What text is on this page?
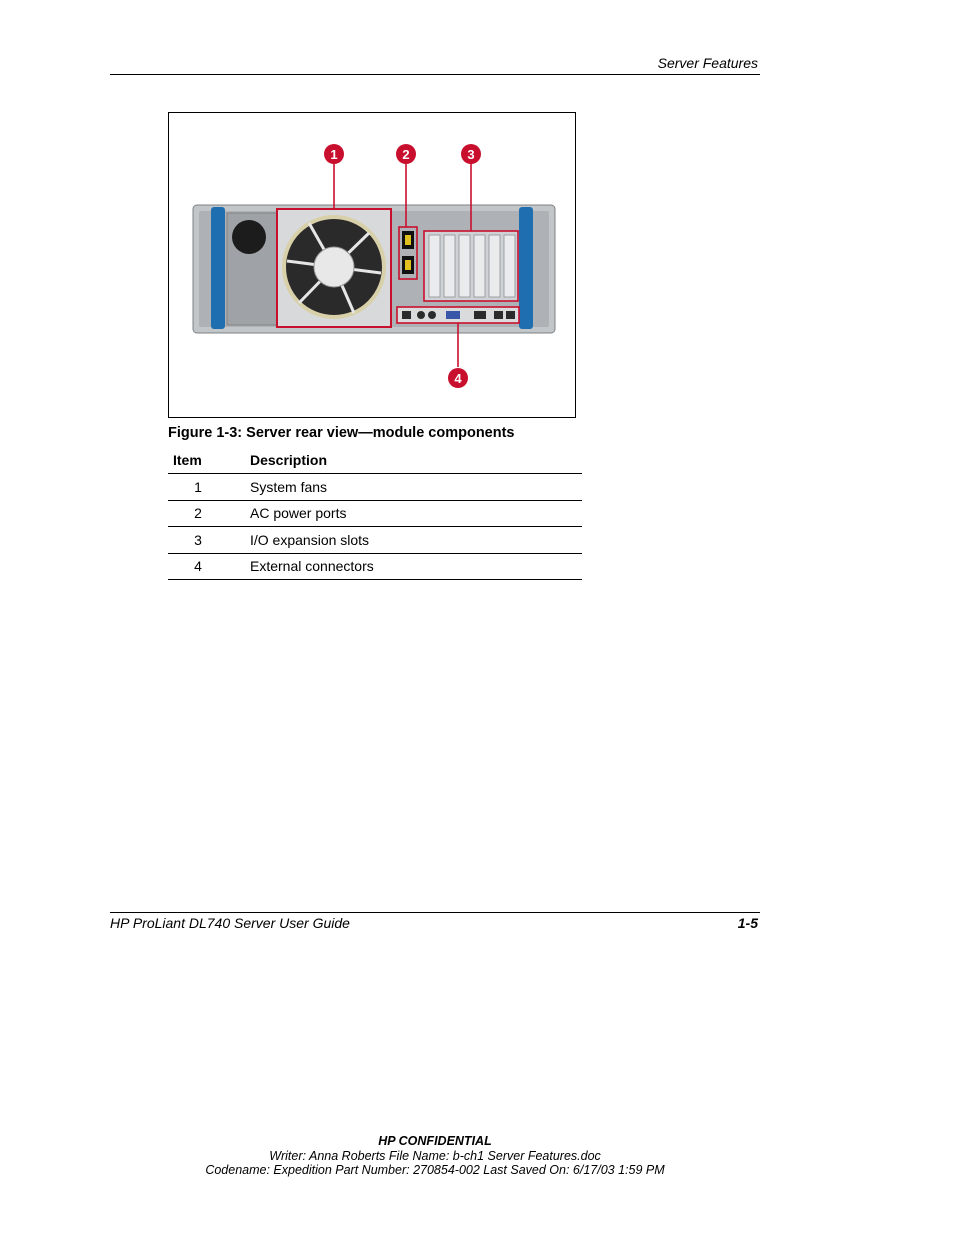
Server Features
1	2	3
4
Figure 1-3: Server rear view—module components
Item	Description
1	System fans
2	AC power ports
3	I/O expansion slots
4	External connectors
HP ProLiant DL740 Server User Guide	1-5
HP CONFIDENTIAL
Writer: Anna Roberts File Name: b-ch1 Server Features.doc
Codename: Expedition Part Number: 270854-002 Last Saved On: 6/17/03 1:59 PM
